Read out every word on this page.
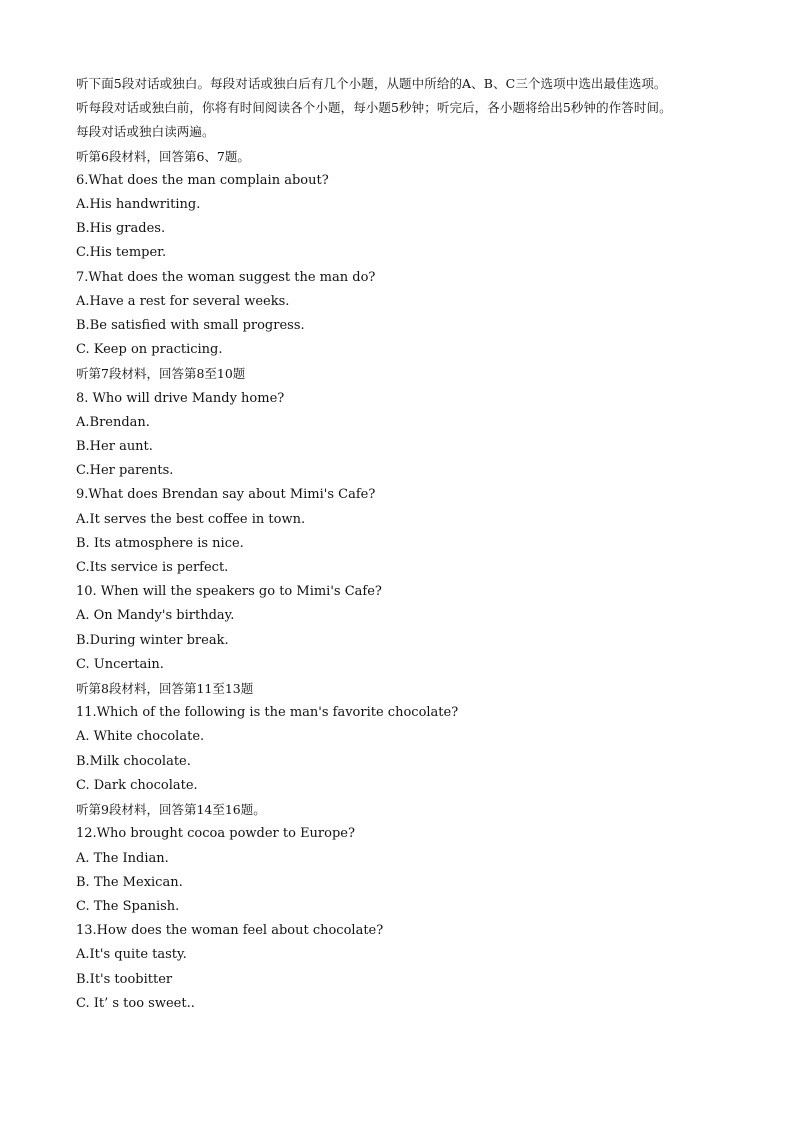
听下面5段对话或独白。每段对话或独白后有几个小题，从题中所给的A、B、C三个选项中选出最佳选项。
听每段对话或独白前，你将有时间阅读各个小题，每小题5秒钟；听完后，各小题将给出5秒钟的作答时间。
每段对话或独白读两遍。
听第6段材料，回答第6、7题。
6.What does the man complain about?
A.His handwriting.
B.His grades.
C.His temper.
7.What does the woman suggest the man do?
A.Have a rest for several weeks.
B.Be satisfied with small progress.
C. Keep on practicing.
听第7段材料，回答第8至10题
8. Who will drive Mandy home?
A.Brendan.
B.Her aunt.
C.Her parents.
9.What does Brendan say about Mimi's Cafe?
A.It serves the best coffee in town.
B. Its atmosphere is nice.
C.Its service is perfect.
10. When will the speakers go to Mimi's Cafe?
A. On Mandy's birthday.
B.During winter break.
C. Uncertain.
听第8段材料，回答第11至13题
11.Which of the following is the man's favorite chocolate?
A. White chocolate.
B.Milk chocolate.
C. Dark chocolate.
听第9段材料，回答第14至16题。
12.Who brought cocoa powder to Europe?
A. The Indian.
B. The Mexican.
C. The Spanish.
13.How does the woman feel about chocolate?
A.It's quite tasty.
B.It's toobitter
C. It’ s too sweet..
